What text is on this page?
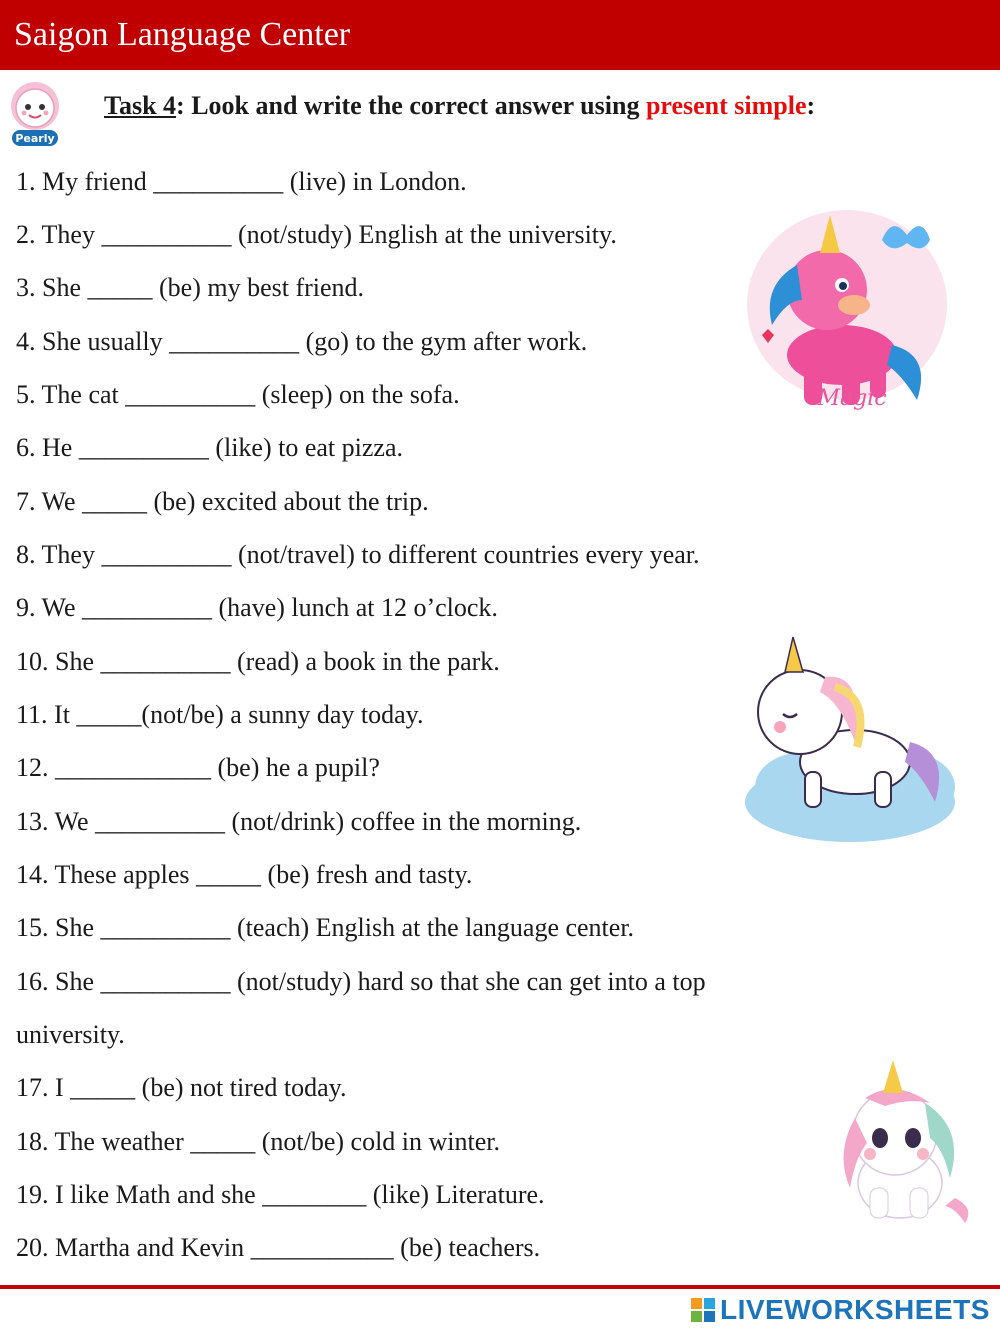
Saigon Language Center
Pearly
Task 4: Look and write the correct answer using present simple:
1. My friend __________ (live) in London.
2. They __________ (not/study) English at the university.
3. She _____ (be) my best friend.
4. She usually __________ (go) to the gym after work.
5. The cat __________ (sleep) on the sofa.
6. He __________ (like) to eat pizza.
7. We _____ (be) excited about the trip.
8. They __________ (not/travel) to different countries every year.
9. We __________ (have) lunch at 12 o’clock.
10. She __________ (read) a book in the park.
11. It _____(not/be) a sunny day today.
12. ____________ (be) he a pupil?
13. We __________ (not/drink) coffee in the morning.
14. These apples _____ (be) fresh and tasty.
15. She __________ (teach) English at the language center.
16. She __________ (not/study) hard so that she can get into a top
university.
17. I _____ (be) not tired today.
18. The weather _____ (not/be) cold in winter.
19. I like Math and she ________ (like) Literature.
20. Martha and Kevin ___________ (be) teachers.
Magic
LIVEWORKSHEETS
